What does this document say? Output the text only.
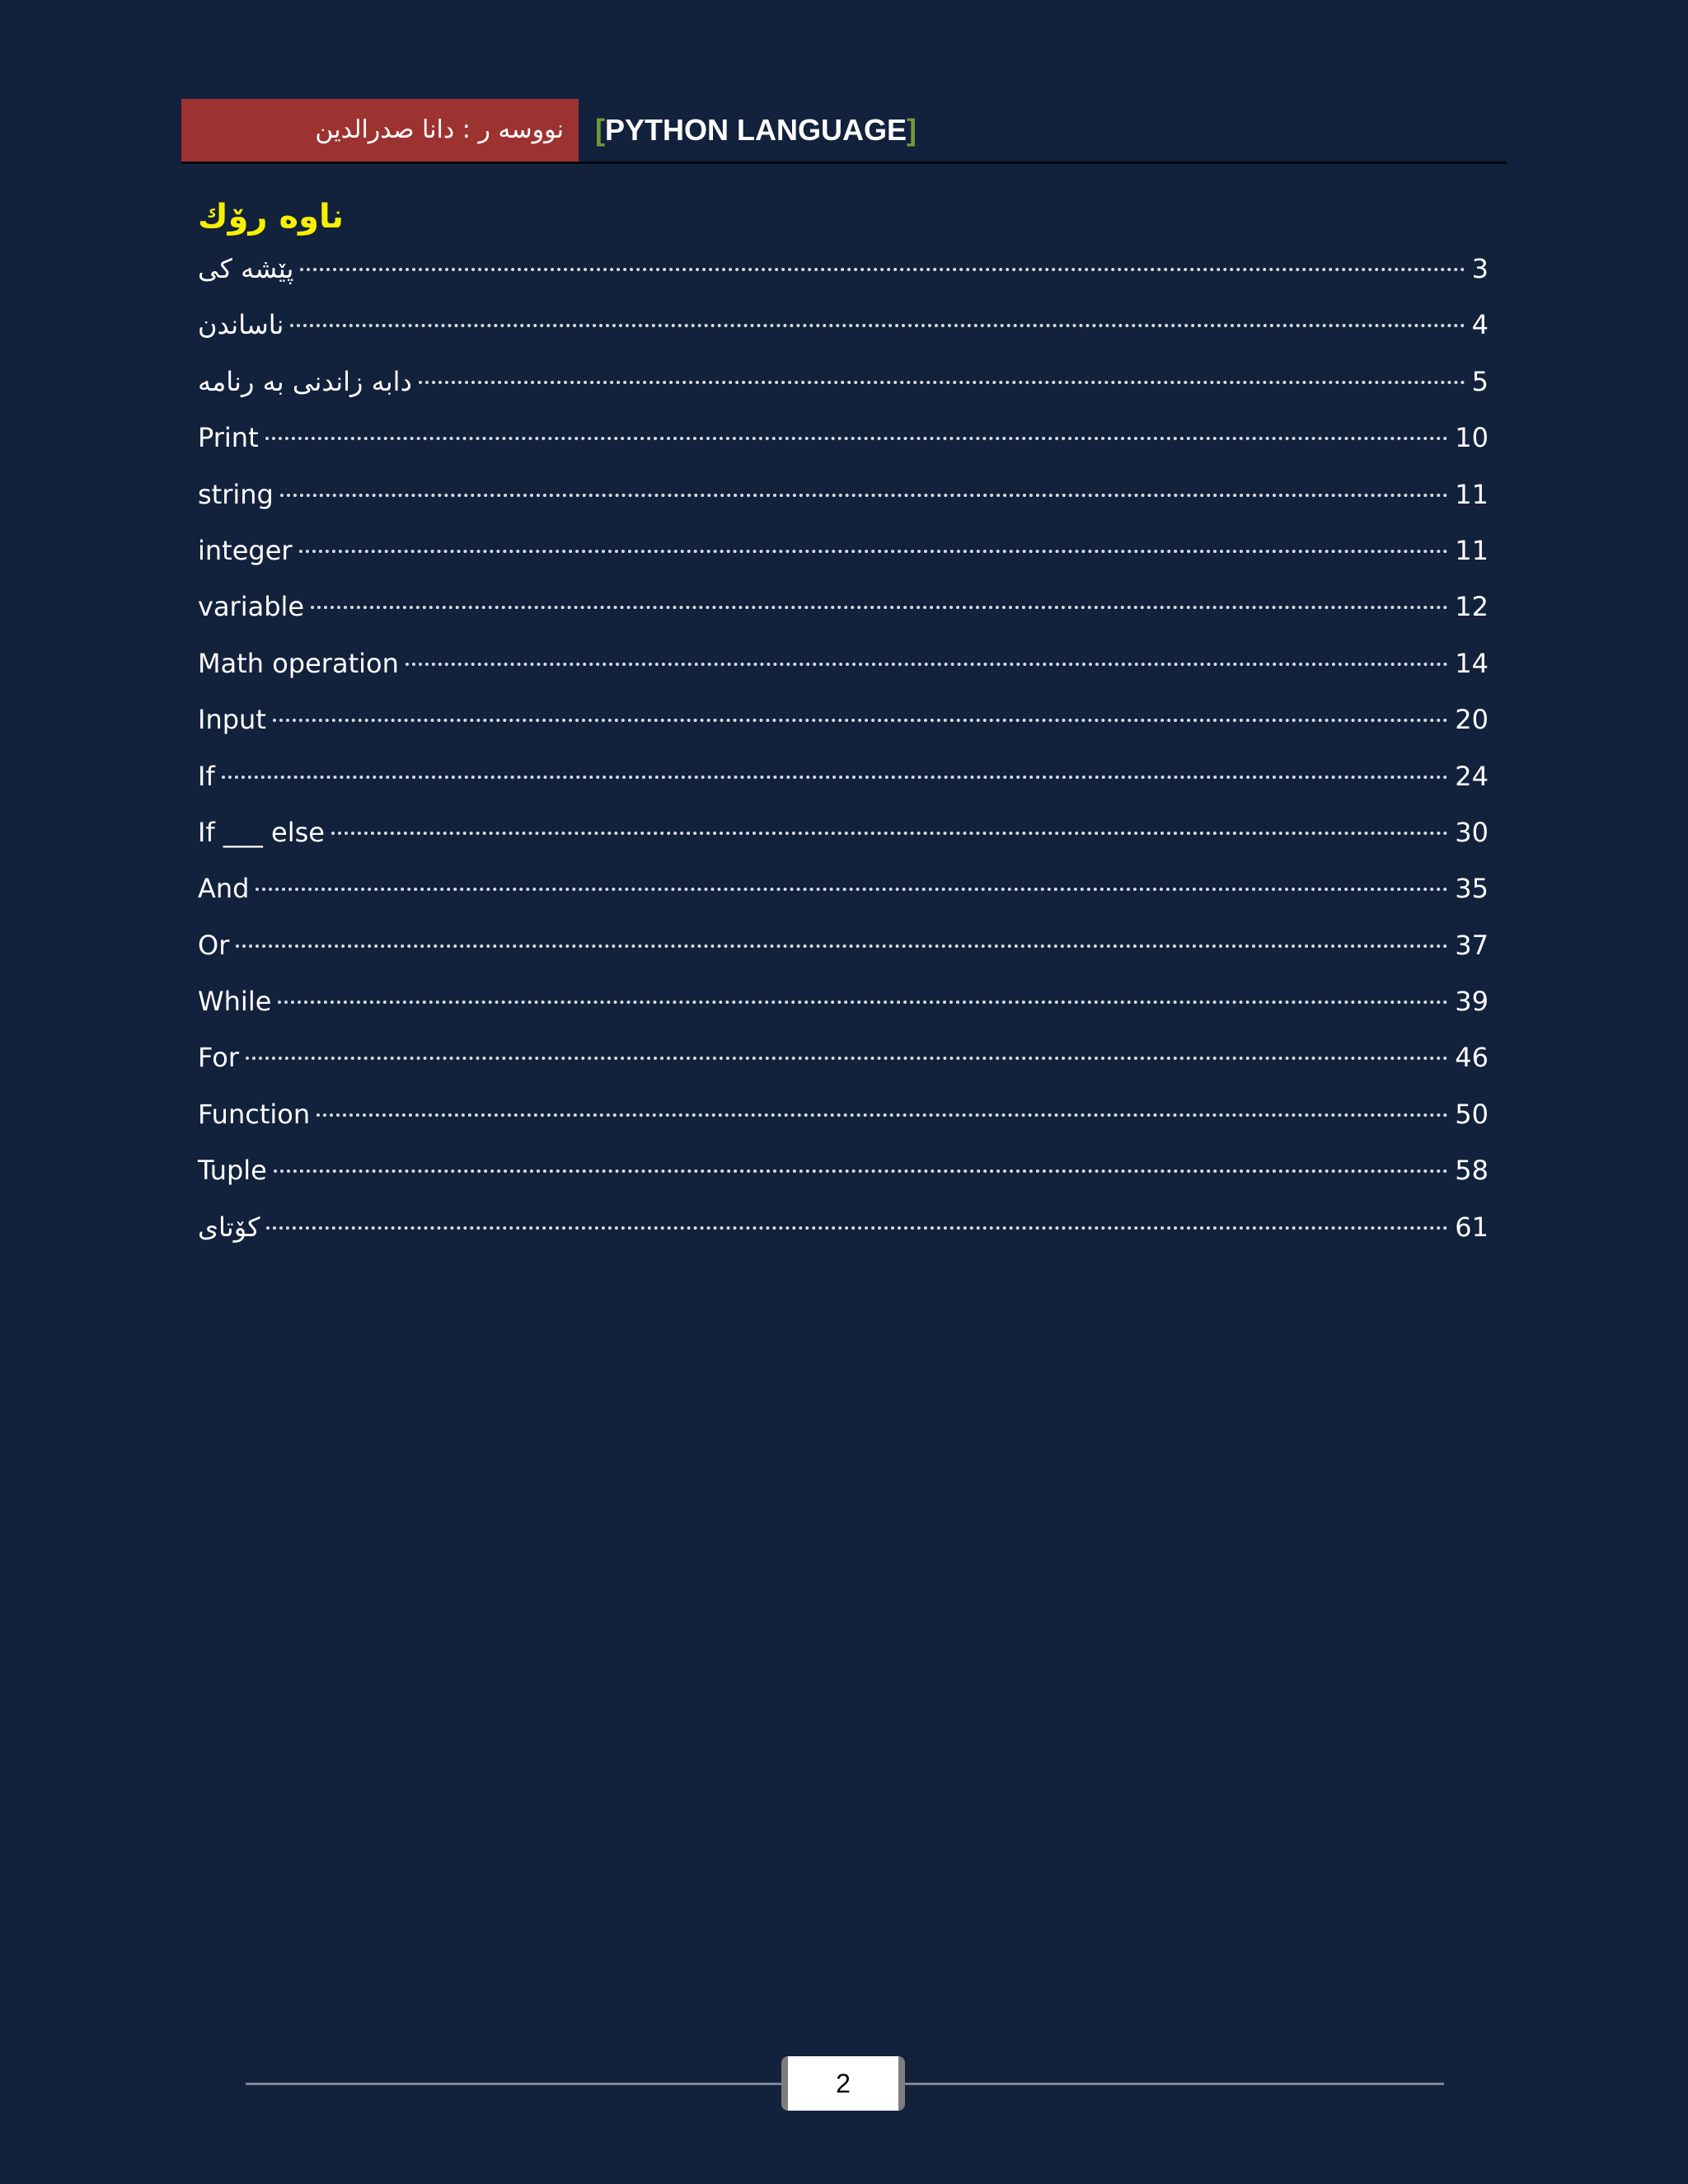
نووسه ر : دانا صدرالدين	[PYTHON LANGUAGE]
ناوه رۆك
پێشه كی	3
ناساندن	4
دابه زاندنی به رنامه	5
Print	10
string	11
integer	11
variable	12
Math operation	14
Input	20
If	24
If ___ else	30
And	35
Or	37
While	39
For	46
Function	50
Tuple	58
كۆتای	61
2
